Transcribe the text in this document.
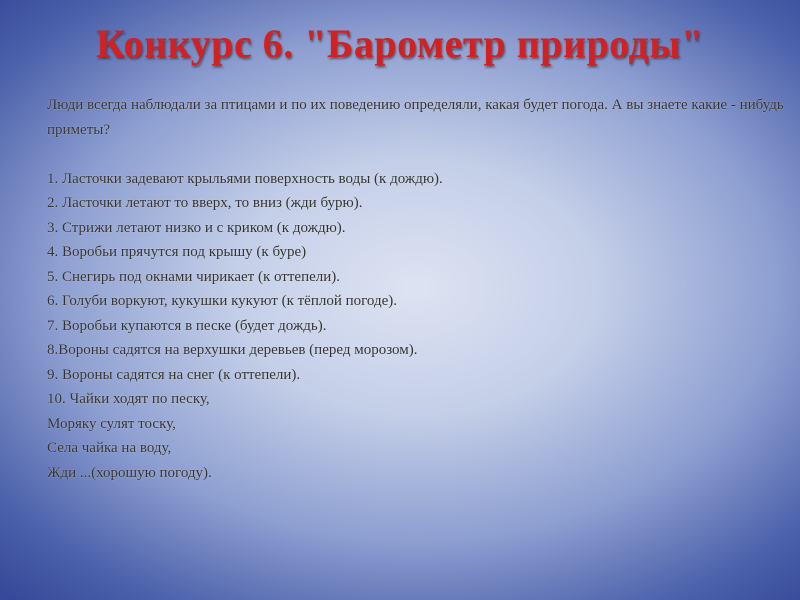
Конкурс 6. "Барометр природы"
Люди всегда наблюдали за птицами и по их поведению определяли, какая будет погода. А вы знаете какие - нибудь приметы?
1. Ласточки задевают крыльями поверхность воды (к дождю).
2. Ласточки летают то вверх, то вниз (жди бурю).
3. Стрижи летают низко и с криком (к дождю).
4. Воробьи прячутся под крышу (к буре)
5. Снегирь под окнами чирикает (к оттепели).
6. Голуби воркуют, кукушки кукуют (к тёплой погоде).
7. Воробьи купаются в песке (будет дождь).
8.Вороны садятся на верхушки деревьев (перед морозом).
9. Вороны садятся на снег (к оттепели).
10. Чайки ходят по песку,
Моряку сулят тоску,
Села чайка на воду,
Жди ...(хорошую погоду).
